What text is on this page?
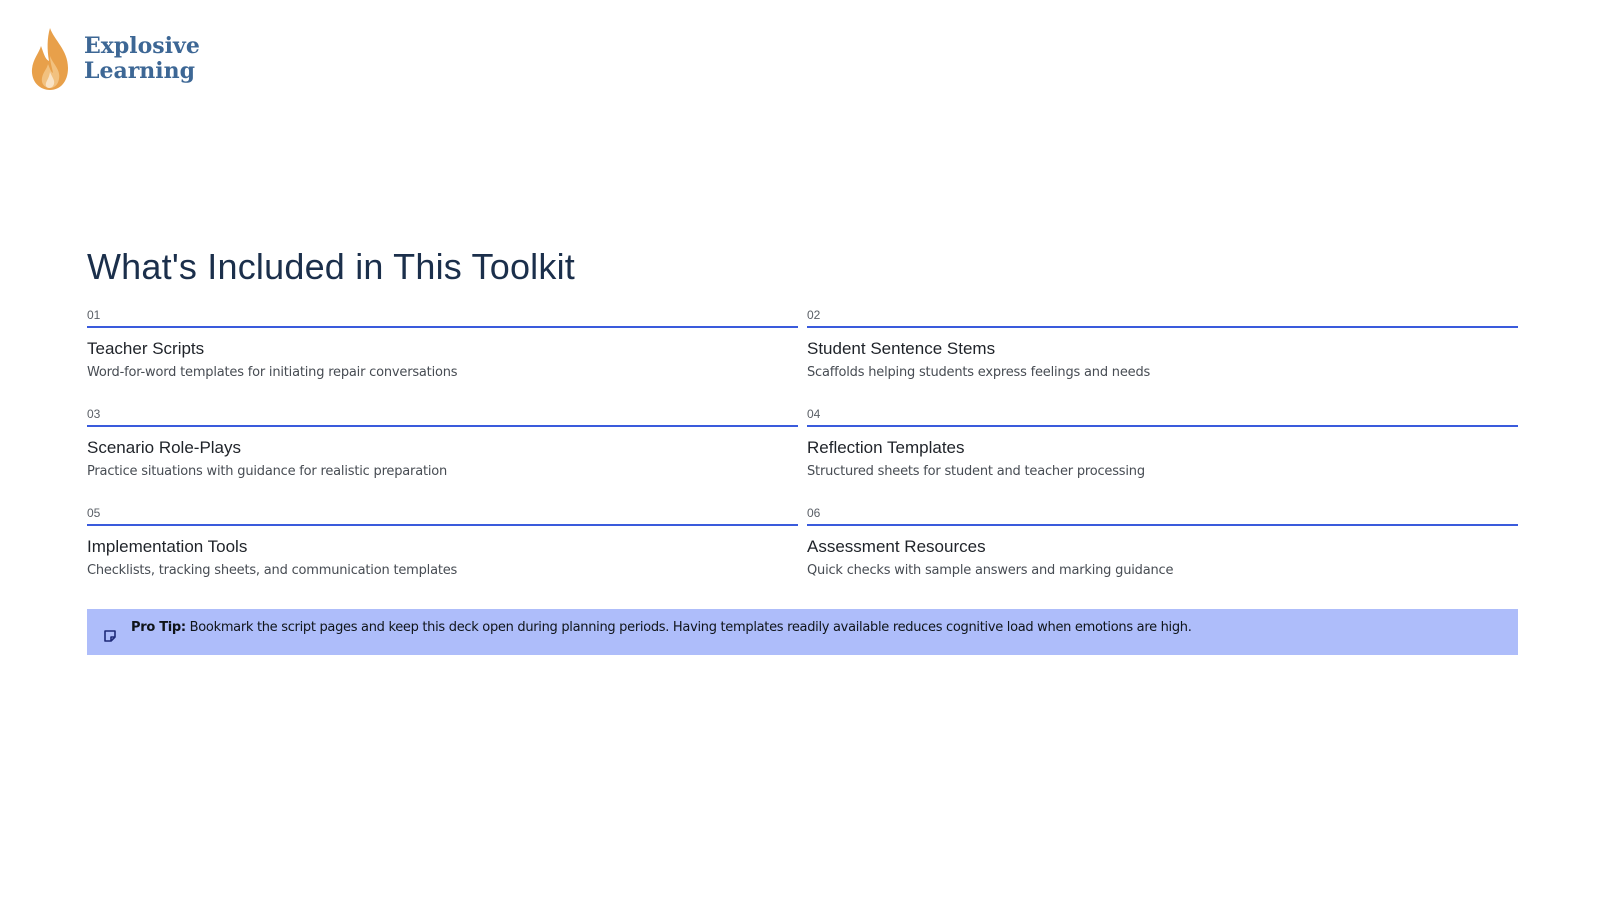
Explosive
Learning
What's Included in This Toolkit
01
Teacher Scripts
Word-for-word templates for initiating repair conversations
02
Student Sentence Stems
Scaffolds helping students express feelings and needs
03
Scenario Role-Plays
Practice situations with guidance for realistic preparation
04
Reflection Templates
Structured sheets for student and teacher processing
05
Implementation Tools
Checklists, tracking sheets, and communication templates
06
Assessment Resources
Quick checks with sample answers and marking guidance
Pro Tip: Bookmark the script pages and keep this deck open during planning periods. Having templates readily available reduces cognitive load when emotions are high.
